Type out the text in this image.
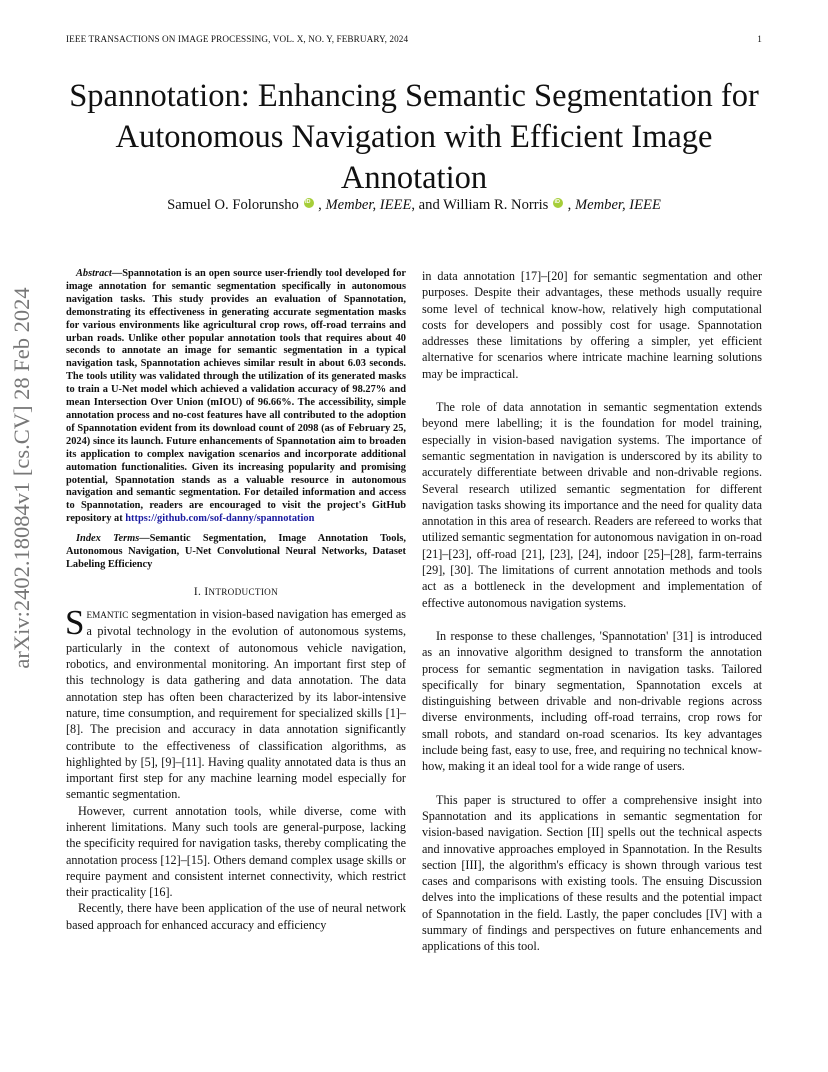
IEEE TRANSACTIONS ON IMAGE PROCESSING, VOL. X, NO. Y, FEBRUARY, 2024	1
Spannotation: Enhancing Semantic Segmentation for Autonomous Navigation with Efficient Image Annotation
Samuel O. Folorunsho iD , Member, IEEE, and William R. Norris iD , Member, IEEE
arXiv:2402.18084v1 [cs.CV] 28 Feb 2024

Abstract—Spannotation is an open source user-friendly tool developed for image annotation for semantic segmentation specifically in autonomous navigation tasks. This study provides an evaluation of Spannotation, demonstrating its effectiveness in generating accurate segmentation masks for various environments like agricultural crop rows, off-road terrains and urban roads. Unlike other popular annotation tools that requires about 40 seconds to annotate an image for semantic segmentation in a typical navigation task, Spannotation achieves similar result in about 6.03 seconds. The tools utility was validated through the utilization of its generated masks to train a U-Net model which achieved a validation accuracy of 98.27% and mean Intersection Over Union (mIOU) of 96.66%. The accessibility, simple annotation process and no-cost features have all contributed to the adoption of Spannotation evident from its download count of 2098 (as of February 25, 2024) since its launch. Future enhancements of Spannotation aim to broaden its application to complex navigation scenarios and incorporate additional automation functionalities. Given its increasing popularity and promising potential, Spannotation stands as a valuable resource in autonomous navigation and semantic segmentation. For detailed information and access to Spannotation, readers are encouraged to visit the project's GitHub repository at https://github.com/sof-danny/spannotation

Index Terms—Semantic Segmentation, Image Annotation Tools, Autonomous Navigation, U-Net Convolutional Neural Networks, Dataset Labeling Efficiency

I. INTRODUCTION

SEMANTIC segmentation in vision-based navigation has emerged as a pivotal technology in the evolution of autonomous systems, particularly in the context of autonomous vehicle navigation, robotics, and environmental monitoring. An important first step of this technology is data gathering and data annotation. The data annotation step has often been characterized by its labor-intensive nature, time consumption, and requirement for specialized skills [1]–[8]. The precision and accuracy in data annotation significantly contribute to the effectiveness of classification algorithms, as highlighted by [5], [9]–[11]. Having quality annotated data is thus an important first step for any machine learning model especially for semantic segmentation.

However, current annotation tools, while diverse, come with inherent limitations. Many such tools are general-purpose, lacking the specificity required for navigation tasks, thereby complicating the annotation process [12]–[15]. Others demand complex usage skills or require payment and consistent internet connectivity, which restrict their practicality [16].

Recently, there have been application of the use of neural network based approach for enhanced accuracy and efficiency

in data annotation [17]–[20] for semantic segmentation and other purposes. Despite their advantages, these methods usually require some level of technical know-how, relatively high computational costs for developers and possibly cost for usage. Spannotation addresses these limitations by offering a simpler, yet efficient alternative for scenarios where intricate machine learning solutions may be impractical.

The role of data annotation in semantic segmentation extends beyond mere labelling; it is the foundation for model training, especially in vision-based navigation systems. The importance of semantic segmentation in navigation is underscored by its ability to accurately differentiate between drivable and non-drivable regions. Several research utilized semantic segmentation for different navigation tasks showing its importance and the need for quality data annotation in this area of research. Readers are refereed to works that utilized semantic segmentation for autonomous navigation in on-road [21]–[23], off-road [21], [23], [24], indoor [25]–[28], farm-terrains [29], [30]. The limitations of current annotation methods and tools act as a bottleneck in the development and implementation of effective autonomous navigation systems.

In response to these challenges, 'Spannotation' [31] is introduced as an innovative algorithm designed to transform the annotation process for semantic segmentation in navigation tasks. Tailored specifically for binary segmentation, Spannotation excels at distinguishing between drivable and non-drivable regions across diverse environments, including off-road terrains, crop rows for small robots, and standard on-road scenarios. Its key advantages include being fast, easy to use, free, and requiring no technical know-how, making it an ideal tool for a wide range of users.

This paper is structured to offer a comprehensive insight into Spannotation and its applications in semantic segmentation for vision-based navigation. Section [II] spells out the technical aspects and innovative approaches employed in Spannotation. In the Results section [III], the algorithm's efficacy is shown through various test cases and comparisons with existing tools. The ensuing Discussion delves into the implications of these results and the potential impact of Spannotation in the field. Lastly, the paper concludes [IV] with a summary of findings and perspectives on future enhancements and applications of this tool.
